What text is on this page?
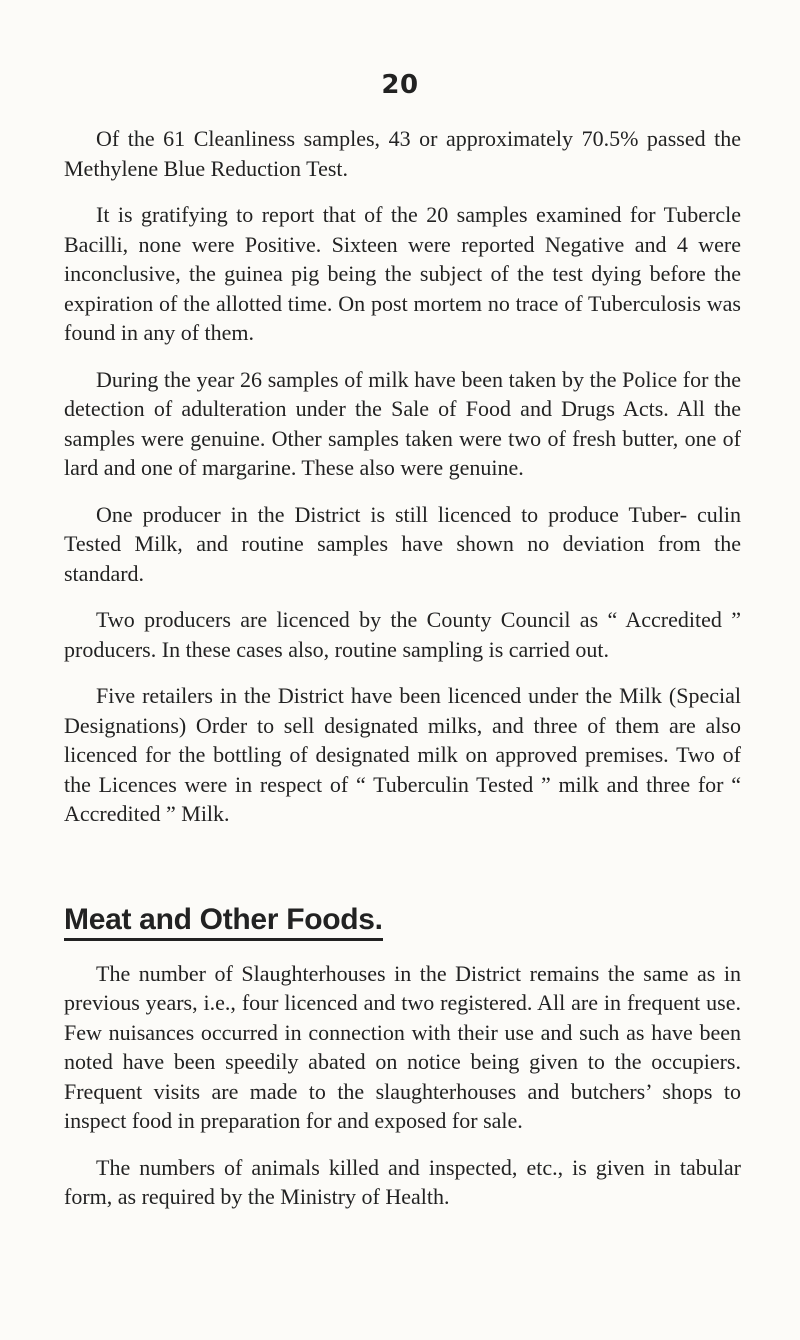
20

Of the 61 Cleanliness samples, 43 or approximately 70.5% passed the Methylene Blue Reduction Test.

It is gratifying to report that of the 20 samples examined for Tubercle Bacilli, none were Positive. Sixteen were reported Negative and 4 were inconclusive, the guinea pig being the subject of the test dying before the expiration of the allotted time. On post mortem no trace of Tuberculosis was found in any of them.

During the year 26 samples of milk have been taken by the Police for the detection of adulteration under the Sale of Food and Drugs Acts. All the samples were genuine. Other samples taken were two of fresh butter, one of lard and one of margarine. These also were genuine.

One producer in the District is still licenced to produce Tuber- culin Tested Milk, and routine samples have shown no deviation from the standard.

Two producers are licenced by the County Council as “ Accredited ” producers. In these cases also, routine sampling is carried out.

Five retailers in the District have been licenced under the Milk (Special Designations) Order to sell designated milks, and three of them are also licenced for the bottling of designated milk on approved premises. Two of the Licences were in respect of “ Tuberculin Tested ” milk and three for “ Accredited ” Milk.

Meat and Other Foods.

The number of Slaughterhouses in the District remains the same as in previous years, i.e., four licenced and two registered. All are in frequent use. Few nuisances occurred in connection with their use and such as have been noted have been speedily abated on notice being given to the occupiers. Frequent visits are made to the slaughterhouses and butchers’ shops to inspect food in preparation for and exposed for sale.

The numbers of animals killed and inspected, etc., is given in tabular form, as required by the Ministry of Health.
